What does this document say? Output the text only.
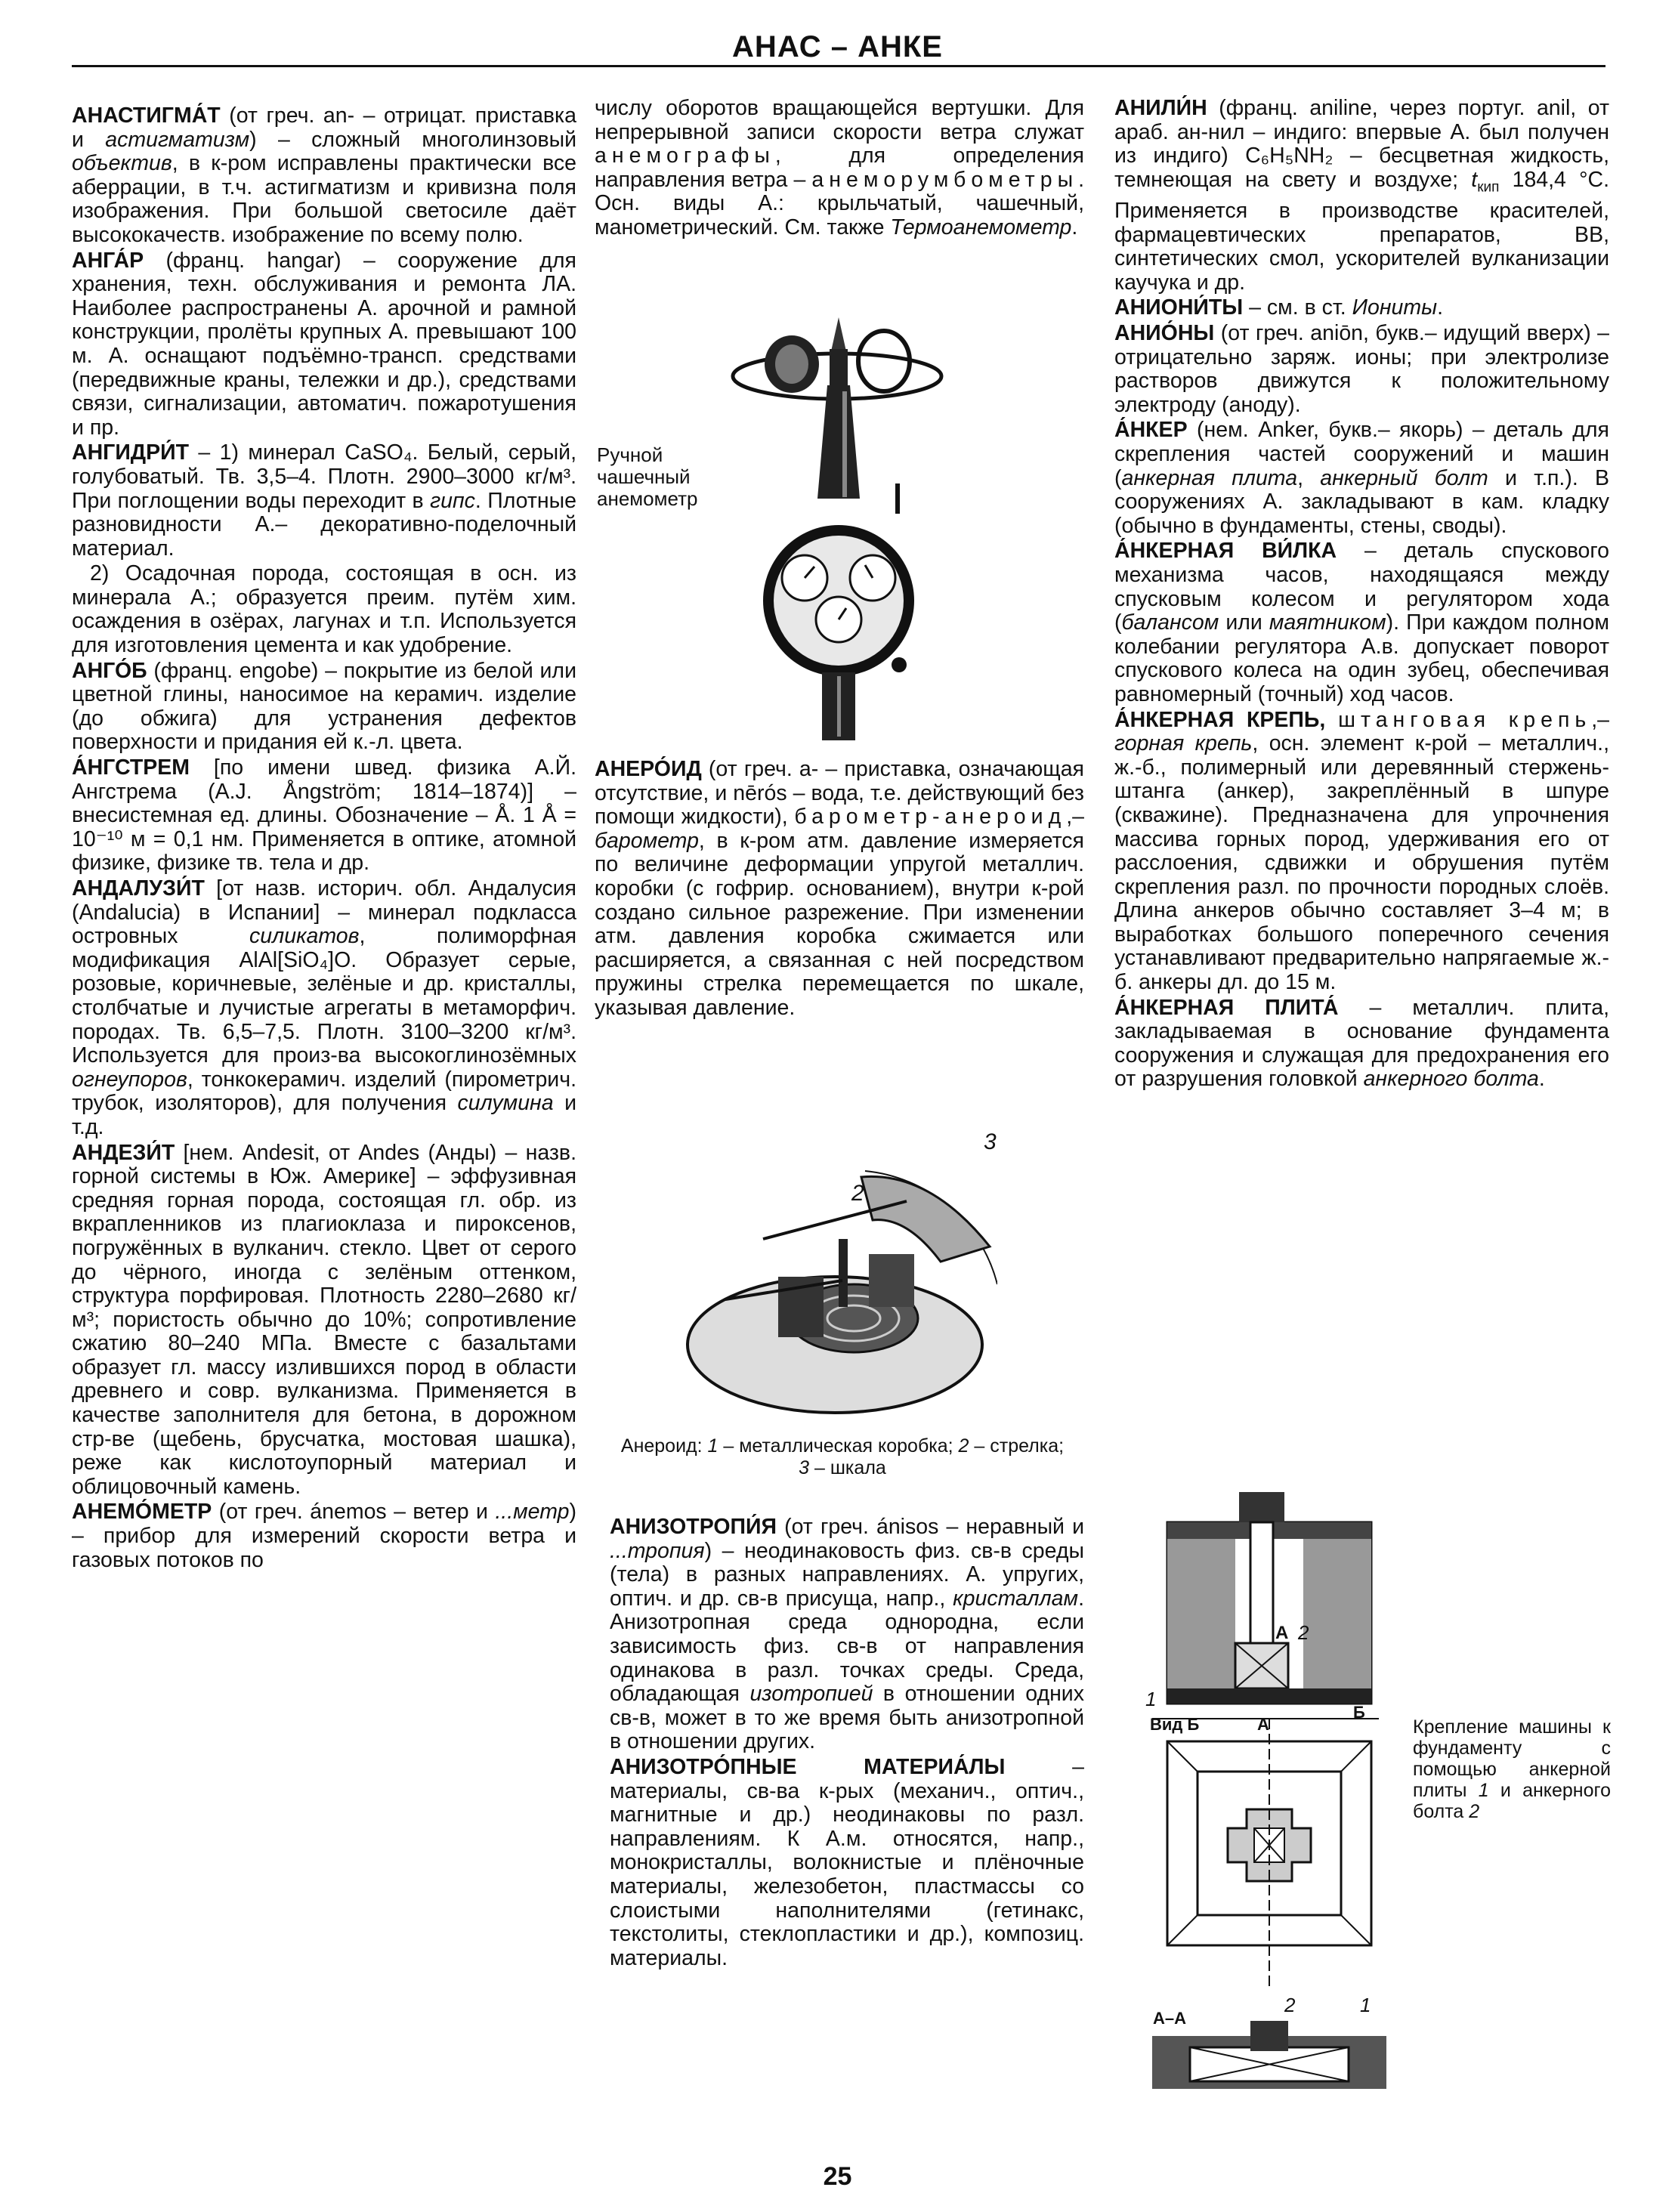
АНАС – АНКЕ

АНАСТИГМА́Т (от греч. an- – отрицат. приставка и астигматизм) – сложный многолинзовый объектив, в к-ром исправлены практически все аберрации, в т.ч. астигматизм и кривизна поля изображения. При большой светосиле даёт высококачеств. изображение по всему полю.

АНГА́Р (франц. hangar) – сооружение для хранения, техн. обслуживания и ремонта ЛА. Наиболее распространены А. арочной и рамной конструкции, пролёты крупных А. превышают 100 м. А. оснащают подъёмно-трансп. средствами (передвижные краны, тележки и др.), средствами связи, сигнализации, автоматич. пожаротушения и пр.

АНГИДРИ́Т – 1) минерал CaSO₄. Белый, серый, голубоватый. Тв. 3,5–4. Плотн. 2900–3000 кг/м³. При поглощении воды переходит в гипс. Плотные разновидности А.– декоративно-поделочный материал.

2) Осадочная порода, состоящая в осн. из минерала А.; образуется преим. путём хим. осаждения в озёрах, лагунах и т.п. Используется для изготовления цемента и как удобрение.

АНГО́Б (франц. engobe) – покрытие из белой или цветной глины, наносимое на керамич. изделие (до обжига) для устранения дефектов поверхности и придания ей к.-л. цвета.

А́НГСТРЕМ [по имени швед. физика А.Й. Ангстрема (A.J. Ångström; 1814–1874)] – внесистемная ед. длины. Обозначение – Å. 1 Å = 10⁻¹⁰ м = 0,1 нм. Применяется в оптике, атомной физике, физике тв. тела и др.

АНДАЛУЗИ́Т [от назв. историч. обл. Андалусия (Andalucia) в Испании] – минерал подкласса островных силикатов, полиморфная модификация AlAl[SiO₄]O. Образует серые, розовые, коричневые, зелёные и др. кристаллы, столбчатые и лучистые агрегаты в метаморфич. породах. Тв. 6,5–7,5. Плотн. 3100–3200 кг/м³. Используется для произ-ва высокоглинозёмных огнеупоров, тонкокерамич. изделий (пирометрич. трубок, изоляторов), для получения силумина и т.д.

АНДЕЗИ́Т [нем. Andesit, от Andes (Анды) – назв. горной системы в Юж. Америке] – эффузивная средняя горная порода, состоящая гл. обр. из вкрапленников из плагиоклаза и пироксенов, погружённых в вулканич. стекло. Цвет от серого до чёрного, иногда с зелёным оттенком, структура порфировая. Плотность 2280–2680 кг/м³; пористость обычно до 10%; сопротивление сжатию 80–240 МПа. Вместе с базальтами образует гл. массу излившихся пород в области древнего и совр. вулканизма. Применяется в качестве заполнителя для бетона, в дорожном стр-ве (щебень, брусчатка, мостовая шашка), реже как кислотоупорный материал и облицовочный камень.

АНЕМО́МЕТР (от греч. ánemos – ветер и ...метр) – прибор для измерений скорости ветра и газовых потоков по

числу оборотов вращающейся вертушки. Для непрерывной записи скорости ветра служат анемографы, для определения направления ветра – анеморумбометры. Осн. виды А.: крыльчатый, чашечный, манометрический. См. также Термоанемометр.

Ручной чашечный анемометр

АНЕРО́ИД (от греч. a- – приставка, означающая отсутствие, и nērós – вода, т.е. действующий без помощи жидкости), барометр-анероид,– барометр, в к-ром атм. давление измеряется по величине деформации упругой металлич. коробки (с гофрир. основанием), внутри к-рой создано сильное разрежение. При изменении атм. давления коробка сжимается или расширяется, а связанная с ней посредством пружины стрелка перемещается по шкале, указывая давление.

2
3
Анероид: 1 – металлическая коробка; 2 – стрелка; 3 – шкала

АНИЗОТРОПИ́Я (от греч. ánisos – неравный и ...тропия) – неодинаковость физ. св-в среды (тела) в разных направлениях. А. упругих, оптич. и др. св-в присуща, напр., кристаллам. Анизотропная среда однородна, если зависимость физ. св-в от направления одинакова в разл. точках среды. Среда, обладающая изотропией в отношении одних св-в, может в то же время быть анизотропной в отношении других.

АНИЗОТРО́ПНЫЕ МАТЕРИА́ЛЫ – материалы, св-ва к-рых (механич., оптич., магнитные и др.) неодинаковы по разл. направлениям. К А.м. относятся, напр., монокристаллы, волокнистые и плёночные материалы, железобетон, пластмассы со слоистыми наполнителями (гетинакс, текстолиты, стеклопластики и др.), композиц. материалы.

АНИЛИ́Н (франц. aniline, через португ. anil, от араб. ан-нил – индиго: впервые А. был получен из индиго) C₆H₅NH₂ – бесцветная жидкость, темнеющая на свету и воздухе; $t_{кип}$ 184,4 °С. Применяется в производстве красителей, фармацевтических препаратов, ВВ, синтетических смол, ускорителей вулканизации каучука и др.

АНИОНИ́ТЫ – см. в ст. Иониты.

АНИО́НЫ (от греч. aniōn, букв.– идущий вверх) – отрицательно заряж. ионы; при электролизе растворов движутся к положительному электроду (аноду).

А́НКЕР (нем. Anker, букв.– якорь) – деталь для скрепления частей сооружений и машин (анкерная плита, анкерный болт и т.п.). В сооружениях А. закладывают в кам. кладку (обычно в фундаменты, стены, своды).

А́НКЕРНАЯ ВИ́ЛКА – деталь спускового механизма часов, находящаяся между спусковым колесом и регулятором хода (балансом или маятником). При каждом полном колебании регулятора А.в. допускает поворот спускового колеса на один зубец, обеспечивая равномерный (точный) ход часов.

А́НКЕРНАЯ КРЕПЬ, штанговая крепь,– горная крепь, осн. элемент к-рой – металлич., ж.-б., полимерный или деревянный стержень-штанга (анкер), закреплённый в шпуре (скважине). Предназначена для упрочнения массива горных пород, удерживания его от расслоения, сдвижки и обрушения путём скрепления разл. по прочности породных слоёв. Длина анкеров обычно составляет 3–4 м; в выработках большого поперечного сечения устанавливают предварительно напрягаемые ж.-б. анкеры дл. до 15 м.

А́НКЕРНАЯ ПЛИТА́ – металлич. плита, закладываемая в основание фундамента сооружения и служащая для предохранения его от разрушения головкой анкерного болта.

А 2
1
Вид Б	А
Б
А–А
2	1
Крепление машины к фундаменту с помощью анкерной плиты 1 и анкерного болта 2
25
